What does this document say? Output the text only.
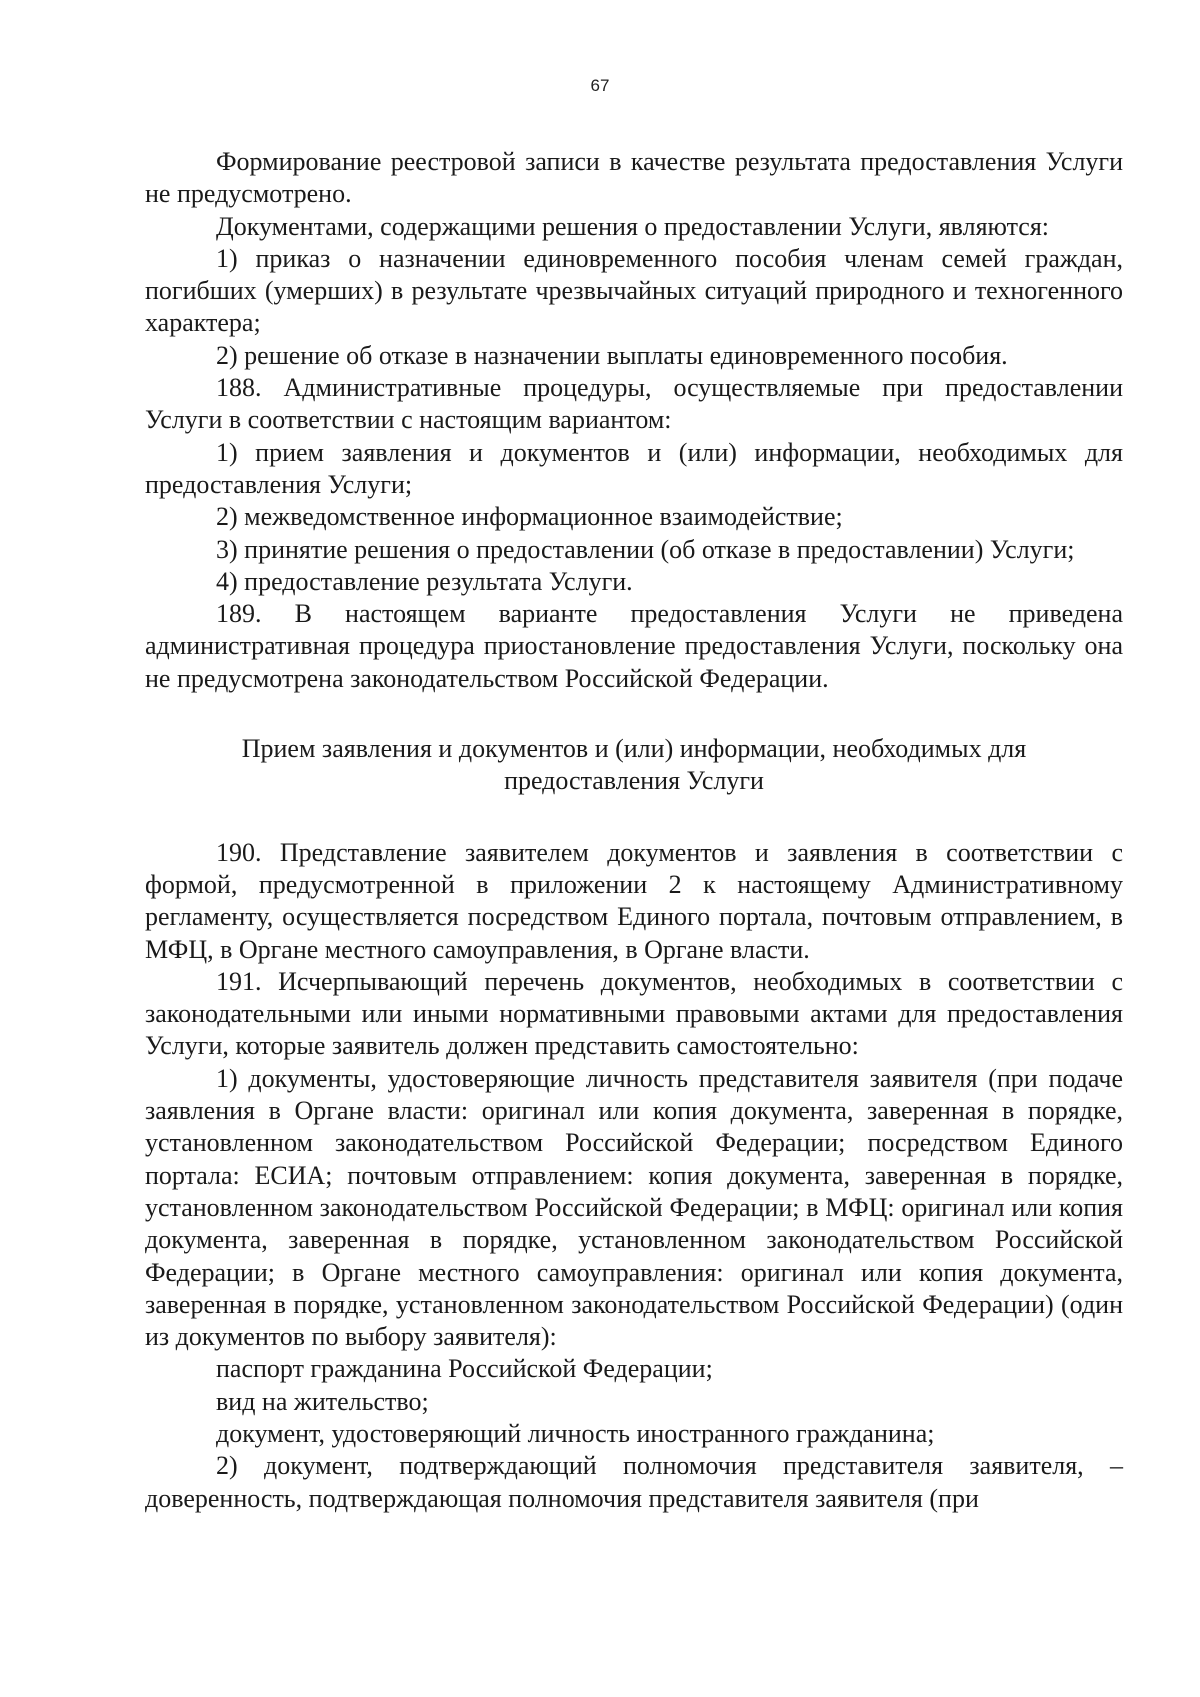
67

Формирование реестровой записи в качестве результата предоставления Услуги не предусмотрено.

Документами, содержащими решения о предоставлении Услуги, являются:

1) приказ о назначении единовременного пособия членам семей граждан, погибших (умерших) в результате чрезвычайных ситуаций природного и техногенного характера;

2) решение об отказе в назначении выплаты единовременного пособия.

188. Административные процедуры, осуществляемые при предоставлении Услуги в соответствии с настоящим вариантом:

1) прием заявления и документов и (или) информации, необходимых для предоставления Услуги;

2) межведомственное информационное взаимодействие;

3) принятие решения о предоставлении (об отказе в предоставлении) Услуги;

4) предоставление результата Услуги.

189. В настоящем варианте предоставления Услуги не приведена административная процедура приостановление предоставления Услуги, поскольку она не предусмотрена законодательством Российской Федерации.

Прием заявления и документов и (или) информации, необходимых для
предоставления Услуги

190. Представление заявителем документов и заявления в соответствии с формой, предусмотренной в приложении 2 к настоящему Административному регламенту, осуществляется посредством Единого портала, почтовым отправлением, в МФЦ, в Органе местного самоуправления, в Органе власти.

191. Исчерпывающий перечень документов, необходимых в соответствии с законодательными или иными нормативными правовыми актами для предоставления Услуги, которые заявитель должен представить самостоятельно:

1) документы, удостоверяющие личность представителя заявителя (при подаче заявления в Органе власти: оригинал или копия документа, заверенная в порядке, установленном законодательством Российской Федерации; посредством Единого портала: ЕСИА; почтовым отправлением: копия документа, заверенная в порядке, установленном законодательством Российской Федерации; в МФЦ: оригинал или копия документа, заверенная в порядке, установленном законодательством Российской Федерации; в Органе местного самоуправления: оригинал или копия документа, заверенная в порядке, установленном законодательством Российской Федерации) (один из документов по выбору заявителя):

паспорт гражданина Российской Федерации;

вид на жительство;

документ, удостоверяющий личность иностранного гражданина;

2) документ, подтверждающий полномочия представителя заявителя, – доверенность, подтверждающая полномочия представителя заявителя (при
